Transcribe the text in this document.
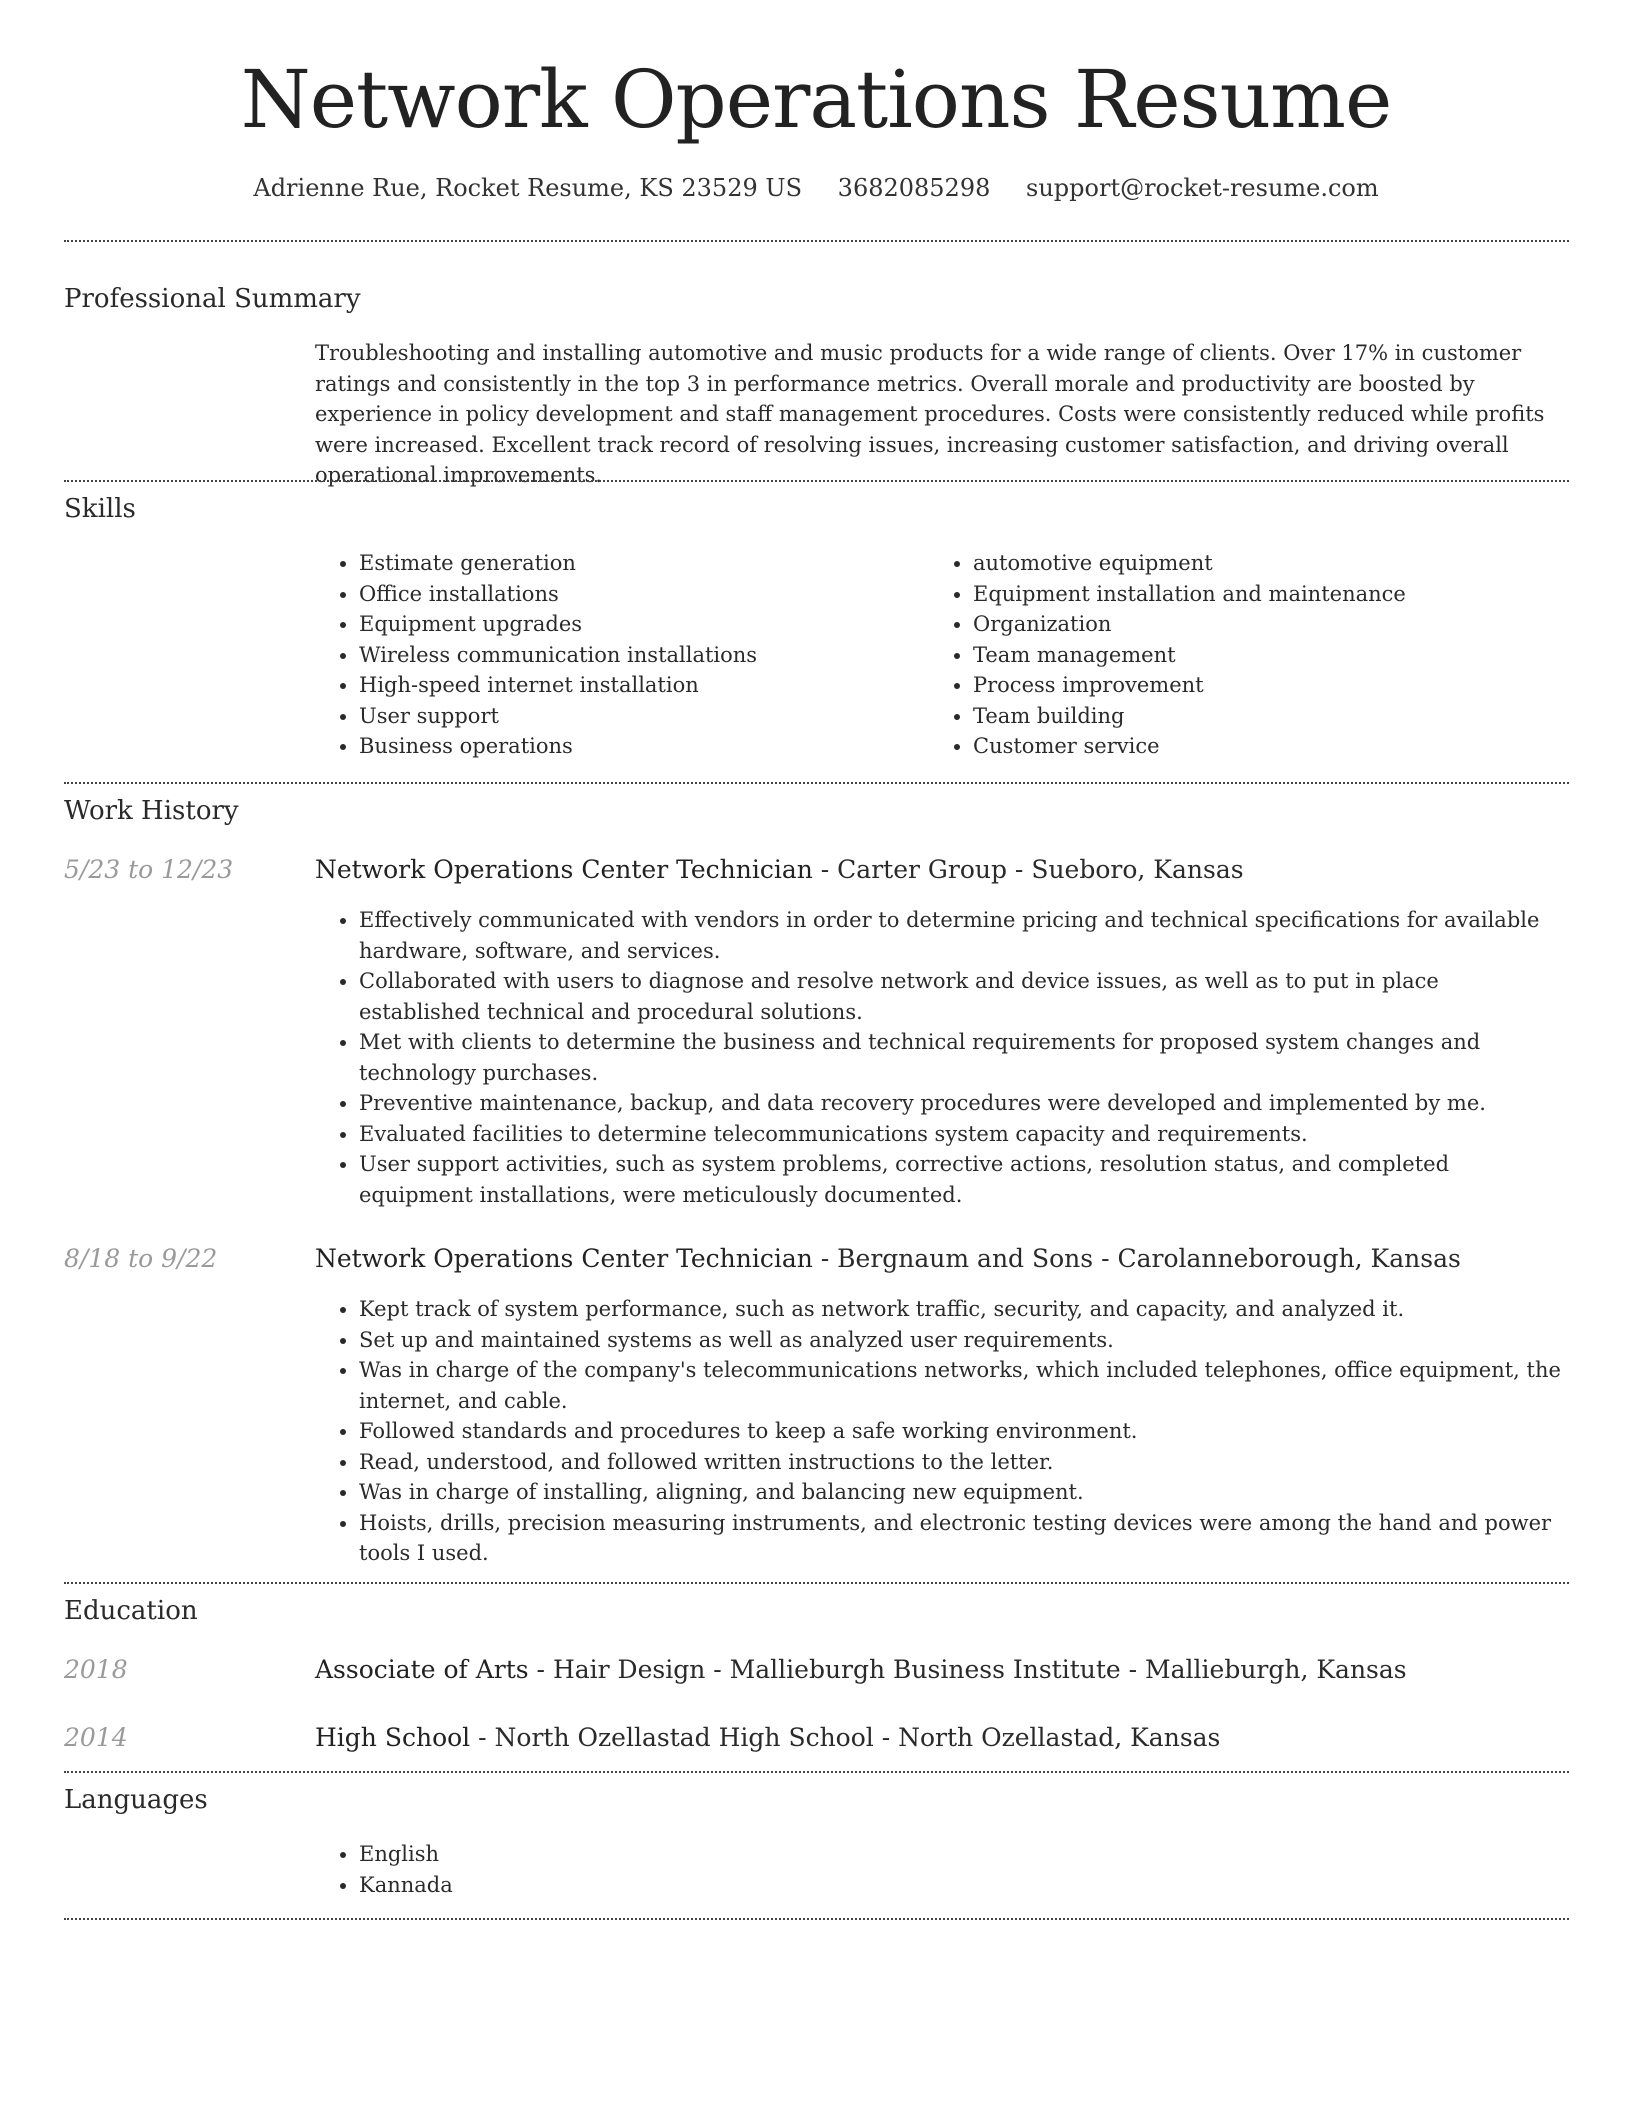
Network Operations Resume
Adrienne Rue, Rocket Resume, KS 23529 US 3682085298 support@rocket-resume.com
Professional Summary

Troubleshooting and installing automotive and music products for a wide range of clients. Over 17% in customer ratings and consistently in the top 3 in performance metrics. Overall morale and productivity are boosted by experience in policy development and staff management procedures. Costs were consistently reduced while profits were increased. Excellent track record of resolving issues, increasing customer satisfaction, and driving overall operational improvements.

Skills
• Estimate generation
• Office installations
• Equipment upgrades
• Wireless communication installations
• High-speed internet installation
• User support
• Business operations
• automotive equipment
• Equipment installation and maintenance
• Organization
• Team management
• Process improvement
• Team building
• Customer service
Work History
5/23 to 12/23	Network Operations Center Technician - Carter Group - Sueboro, Kansas
• Effectively communicated with vendors in order to determine pricing and technical specifications for available hardware, software, and services.
• Collaborated with users to diagnose and resolve network and device issues, as well as to put in place established technical and procedural solutions.
• Met with clients to determine the business and technical requirements for proposed system changes and technology purchases.
• Preventive maintenance, backup, and data recovery procedures were developed and implemented by me.
• Evaluated facilities to determine telecommunications system capacity and requirements.
• User support activities, such as system problems, corrective actions, resolution status, and completed equipment installations, were meticulously documented.
8/18 to 9/22	Network Operations Center Technician - Bergnaum and Sons - Carolanneborough, Kansas
• Kept track of system performance, such as network traffic, security, and capacity, and analyzed it.
• Set up and maintained systems as well as analyzed user requirements.
• Was in charge of the company's telecommunications networks, which included telephones, office equipment, the internet, and cable.
• Followed standards and procedures to keep a safe working environment.
• Read, understood, and followed written instructions to the letter.
• Was in charge of installing, aligning, and balancing new equipment.
• Hoists, drills, precision measuring instruments, and electronic testing devices were among the hand and power tools I used.
Education
2018	Associate of Arts - Hair Design - Mallieburgh Business Institute - Mallieburgh, Kansas
2014	High School - North Ozellastad High School - North Ozellastad, Kansas
Languages
• English
• Kannada
